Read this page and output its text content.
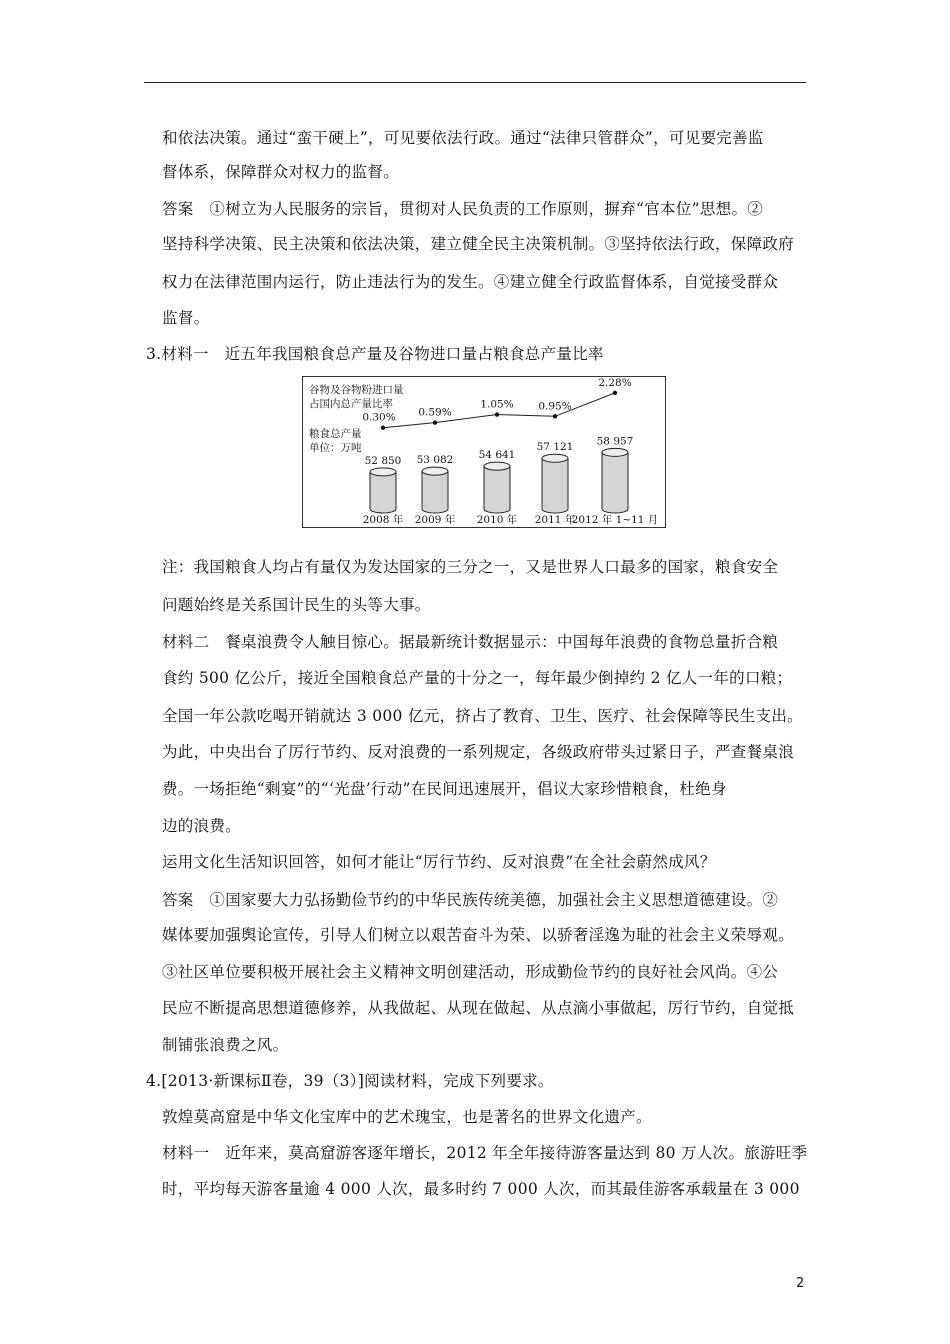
和依法决策。通过“蛮干硬上”，可见要依法行政。通过“法律只管群众”，可见要完善监
督体系，保障群众对权力的监督。
答案　①树立为人民服务的宗旨，贯彻对人民负责的工作原则，摒弃“官本位”思想。②
坚持科学决策、民主决策和依法决策，建立健全民主决策机制。③坚持依法行政，保障政府
权力在法律范围内运行，防止违法行为的发生。④建立健全行政监督体系，自觉接受群众
监督。
3.材料一　近五年我国粮食总产量及谷物进口量占粮食总产量比率
谷物及谷物粉进口量
占国内总产量比率
粮食总产量
单位：万吨
52 850 53 082 54 641
57 121 58 957
2008 年 2009 年 2010 年 2011 年
2012 年 1~11 月
0.30% 0.59%
1.05% 0.95%
2.28%
注：我国粮食人均占有量仅为发达国家的三分之一，又是世界人口最多的国家，粮食安全
问题始终是关系国计民生的头等大事。
材料二　餐桌浪费令人触目惊心。据最新统计数据显示：中国每年浪费的食物总量折合粮
食约 500 亿公斤，接近全国粮食总产量的十分之一，每年最少倒掉约 2 亿人一年的口粮；
全国一年公款吃喝开销就达 3 000 亿元，挤占了教育、卫生、医疗、社会保障等民生支出。
为此，中央出台了厉行节约、反对浪费的一系列规定，各级政府带头过紧日子，严查餐桌浪
费。一场拒绝“剩宴”的“‘光盘’行动”在民间迅速展开，倡议大家珍惜粮食，杜绝身
边的浪费。
运用文化生活知识回答，如何才能让“厉行节约、反对浪费”在全社会蔚然成风？
答案　①国家要大力弘扬勤俭节约的中华民族传统美德，加强社会主义思想道德建设。②
媒体要加强舆论宣传，引导人们树立以艰苦奋斗为荣、以骄奢淫逸为耻的社会主义荣辱观。
③社区单位要积极开展社会主义精神文明创建活动，形成勤俭节约的良好社会风尚。④公
民应不断提高思想道德修养，从我做起、从现在做起、从点滴小事做起，厉行节约，自觉抵
制铺张浪费之风。
4.[2013·新课标Ⅱ卷，39（3）]阅读材料，完成下列要求。
敦煌莫高窟是中华文化宝库中的艺术瑰宝，也是著名的世界文化遗产。
材料一　近年来，莫高窟游客逐年增长，2012 年全年接待游客量达到 80 万人次。旅游旺季
时，平均每天游客量逾 4 000 人次，最多时约 7 000 人次，而其最佳游客承载量在 3 000
2
